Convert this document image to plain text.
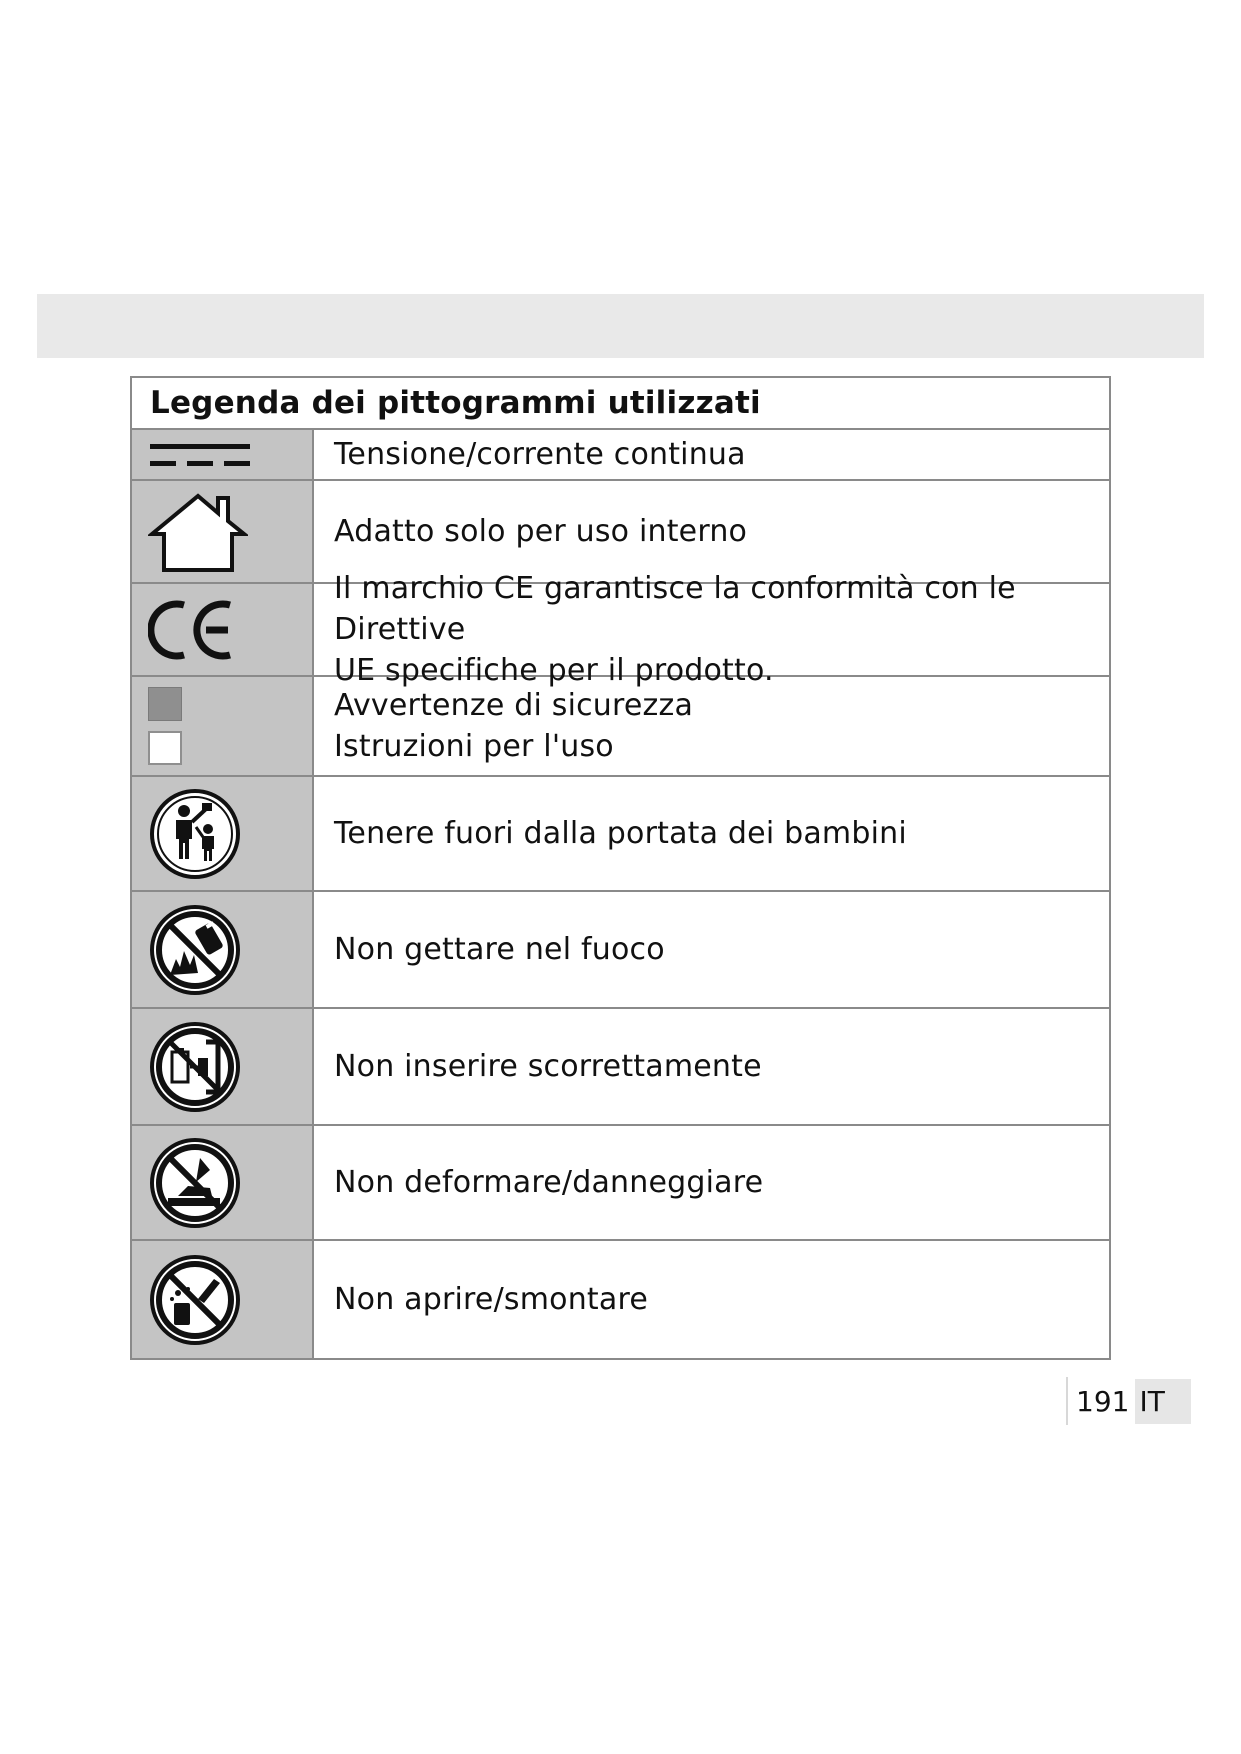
Legenda dei pittogrammi utilizzati
Tensione/corrente continua
Adatto solo per uso interno
Il marchio CE garantisce la conformità con le Direttive
UE specifiche per il prodotto.
Avvertenze di sicurezza
Istruzioni per l'uso
Tenere fuori dalla portata dei bambini
Non gettare nel fuoco
Non inserire scorrettamente
Non deformare/danneggiare
Non aprire/smontare
191 IT
